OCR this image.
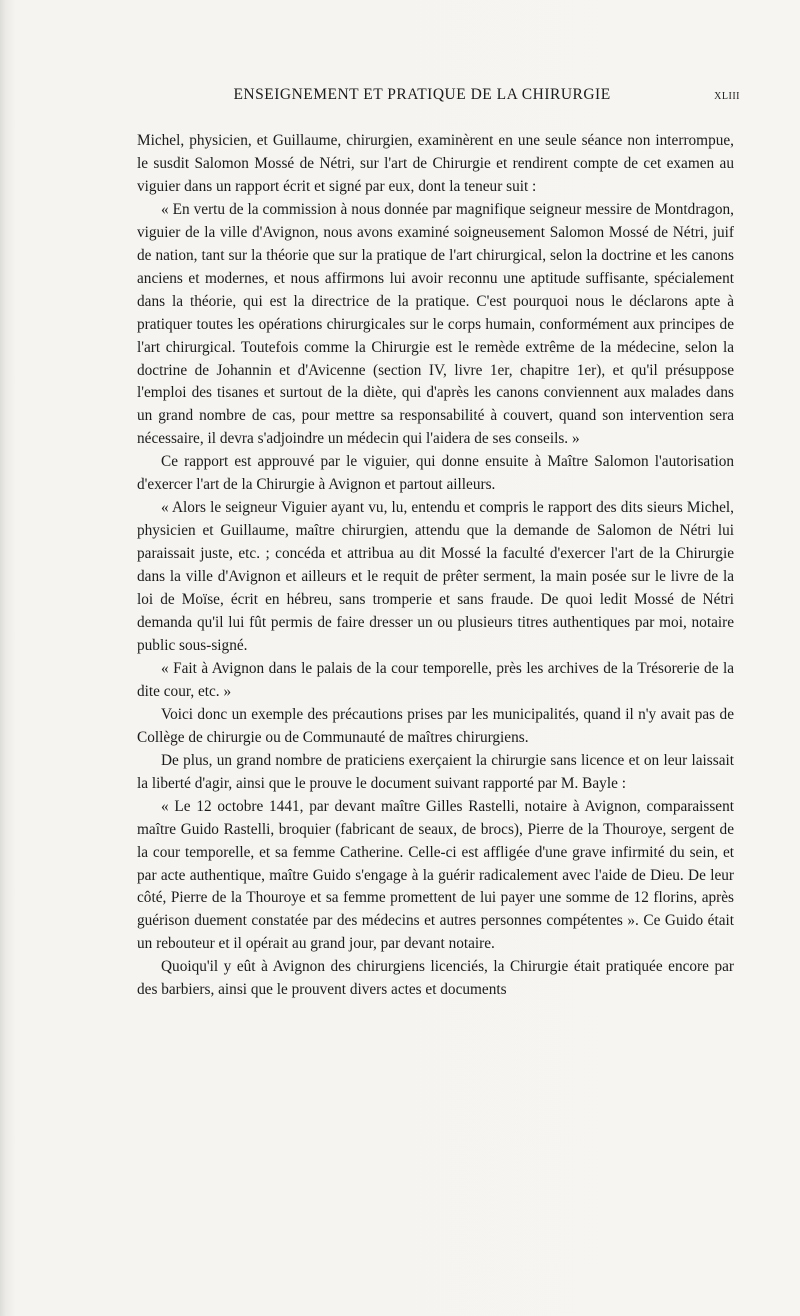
ENSEIGNEMENT ET PRATIQUE DE LA CHIRURGIE	XLIII

Michel, physicien, et Guillaume, chirurgien, examinèrent en une seule séance non interrompue, le susdit Salomon Mossé de Nétri, sur l'art de Chirurgie et rendirent compte de cet examen au viguier dans un rapport écrit et signé par eux, dont la teneur suit :

« En vertu de la commission à nous donnée par magnifique seigneur messire de Montdragon, viguier de la ville d'Avignon, nous avons examiné soigneusement Salomon Mossé de Nétri, juif de nation, tant sur la théorie que sur la pratique de l'art chirurgical, selon la doctrine et les canons anciens et modernes, et nous affirmons lui avoir reconnu une aptitude suffisante, spécialement dans la théorie, qui est la directrice de la pratique. C'est pourquoi nous le déclarons apte à pratiquer toutes les opérations chirurgicales sur le corps humain, conformément aux principes de l'art chirurgical. Toutefois comme la Chirurgie est le remède extrême de la médecine, selon la doctrine de Johannin et d'Avicenne (section IV, livre 1er, chapitre 1er), et qu'il présuppose l'emploi des tisanes et surtout de la diète, qui d'après les canons conviennent aux malades dans un grand nombre de cas, pour mettre sa responsabilité à couvert, quand son intervention sera nécessaire, il devra s'adjoindre un médecin qui l'aidera de ses conseils. »

Ce rapport est approuvé par le viguier, qui donne ensuite à Maître Salomon l'autorisation d'exercer l'art de la Chirurgie à Avignon et partout ailleurs.

« Alors le seigneur Viguier ayant vu, lu, entendu et compris le rapport des dits sieurs Michel, physicien et Guillaume, maître chirurgien, attendu que la demande de Salomon de Nétri lui paraissait juste, etc. ; concéda et attribua au dit Mossé la faculté d'exercer l'art de la Chirurgie dans la ville d'Avignon et ailleurs et le requit de prêter serment, la main posée sur le livre de la loi de Moïse, écrit en hébreu, sans tromperie et sans fraude. De quoi ledit Mossé de Nétri demanda qu'il lui fût permis de faire dresser un ou plusieurs titres authentiques par moi, notaire public sous-signé.

« Fait à Avignon dans le palais de la cour temporelle, près les archives de la Trésorerie de la dite cour, etc. »

Voici donc un exemple des précautions prises par les municipalités, quand il n'y avait pas de Collège de chirurgie ou de Communauté de maîtres chirurgiens.

De plus, un grand nombre de praticiens exerçaient la chirurgie sans licence et on leur laissait la liberté d'agir, ainsi que le prouve le document suivant rapporté par M. Bayle :

« Le 12 octobre 1441, par devant maître Gilles Rastelli, notaire à Avignon, comparaissent maître Guido Rastelli, broquier (fabricant de seaux, de brocs), Pierre de la Thouroye, sergent de la cour temporelle, et sa femme Catherine. Celle-ci est affligée d'une grave infirmité du sein, et par acte authentique, maître Guido s'engage à la guérir radicalement avec l'aide de Dieu. De leur côté, Pierre de la Thouroye et sa femme promettent de lui payer une somme de 12 florins, après guérison duement constatée par des médecins et autres personnes compétentes ». Ce Guido était un rebouteur et il opérait au grand jour, par devant notaire.

Quoiqu'il y eût à Avignon des chirurgiens licenciés, la Chirurgie était pratiquée encore par des barbiers, ainsi que le prouvent divers actes et documents
